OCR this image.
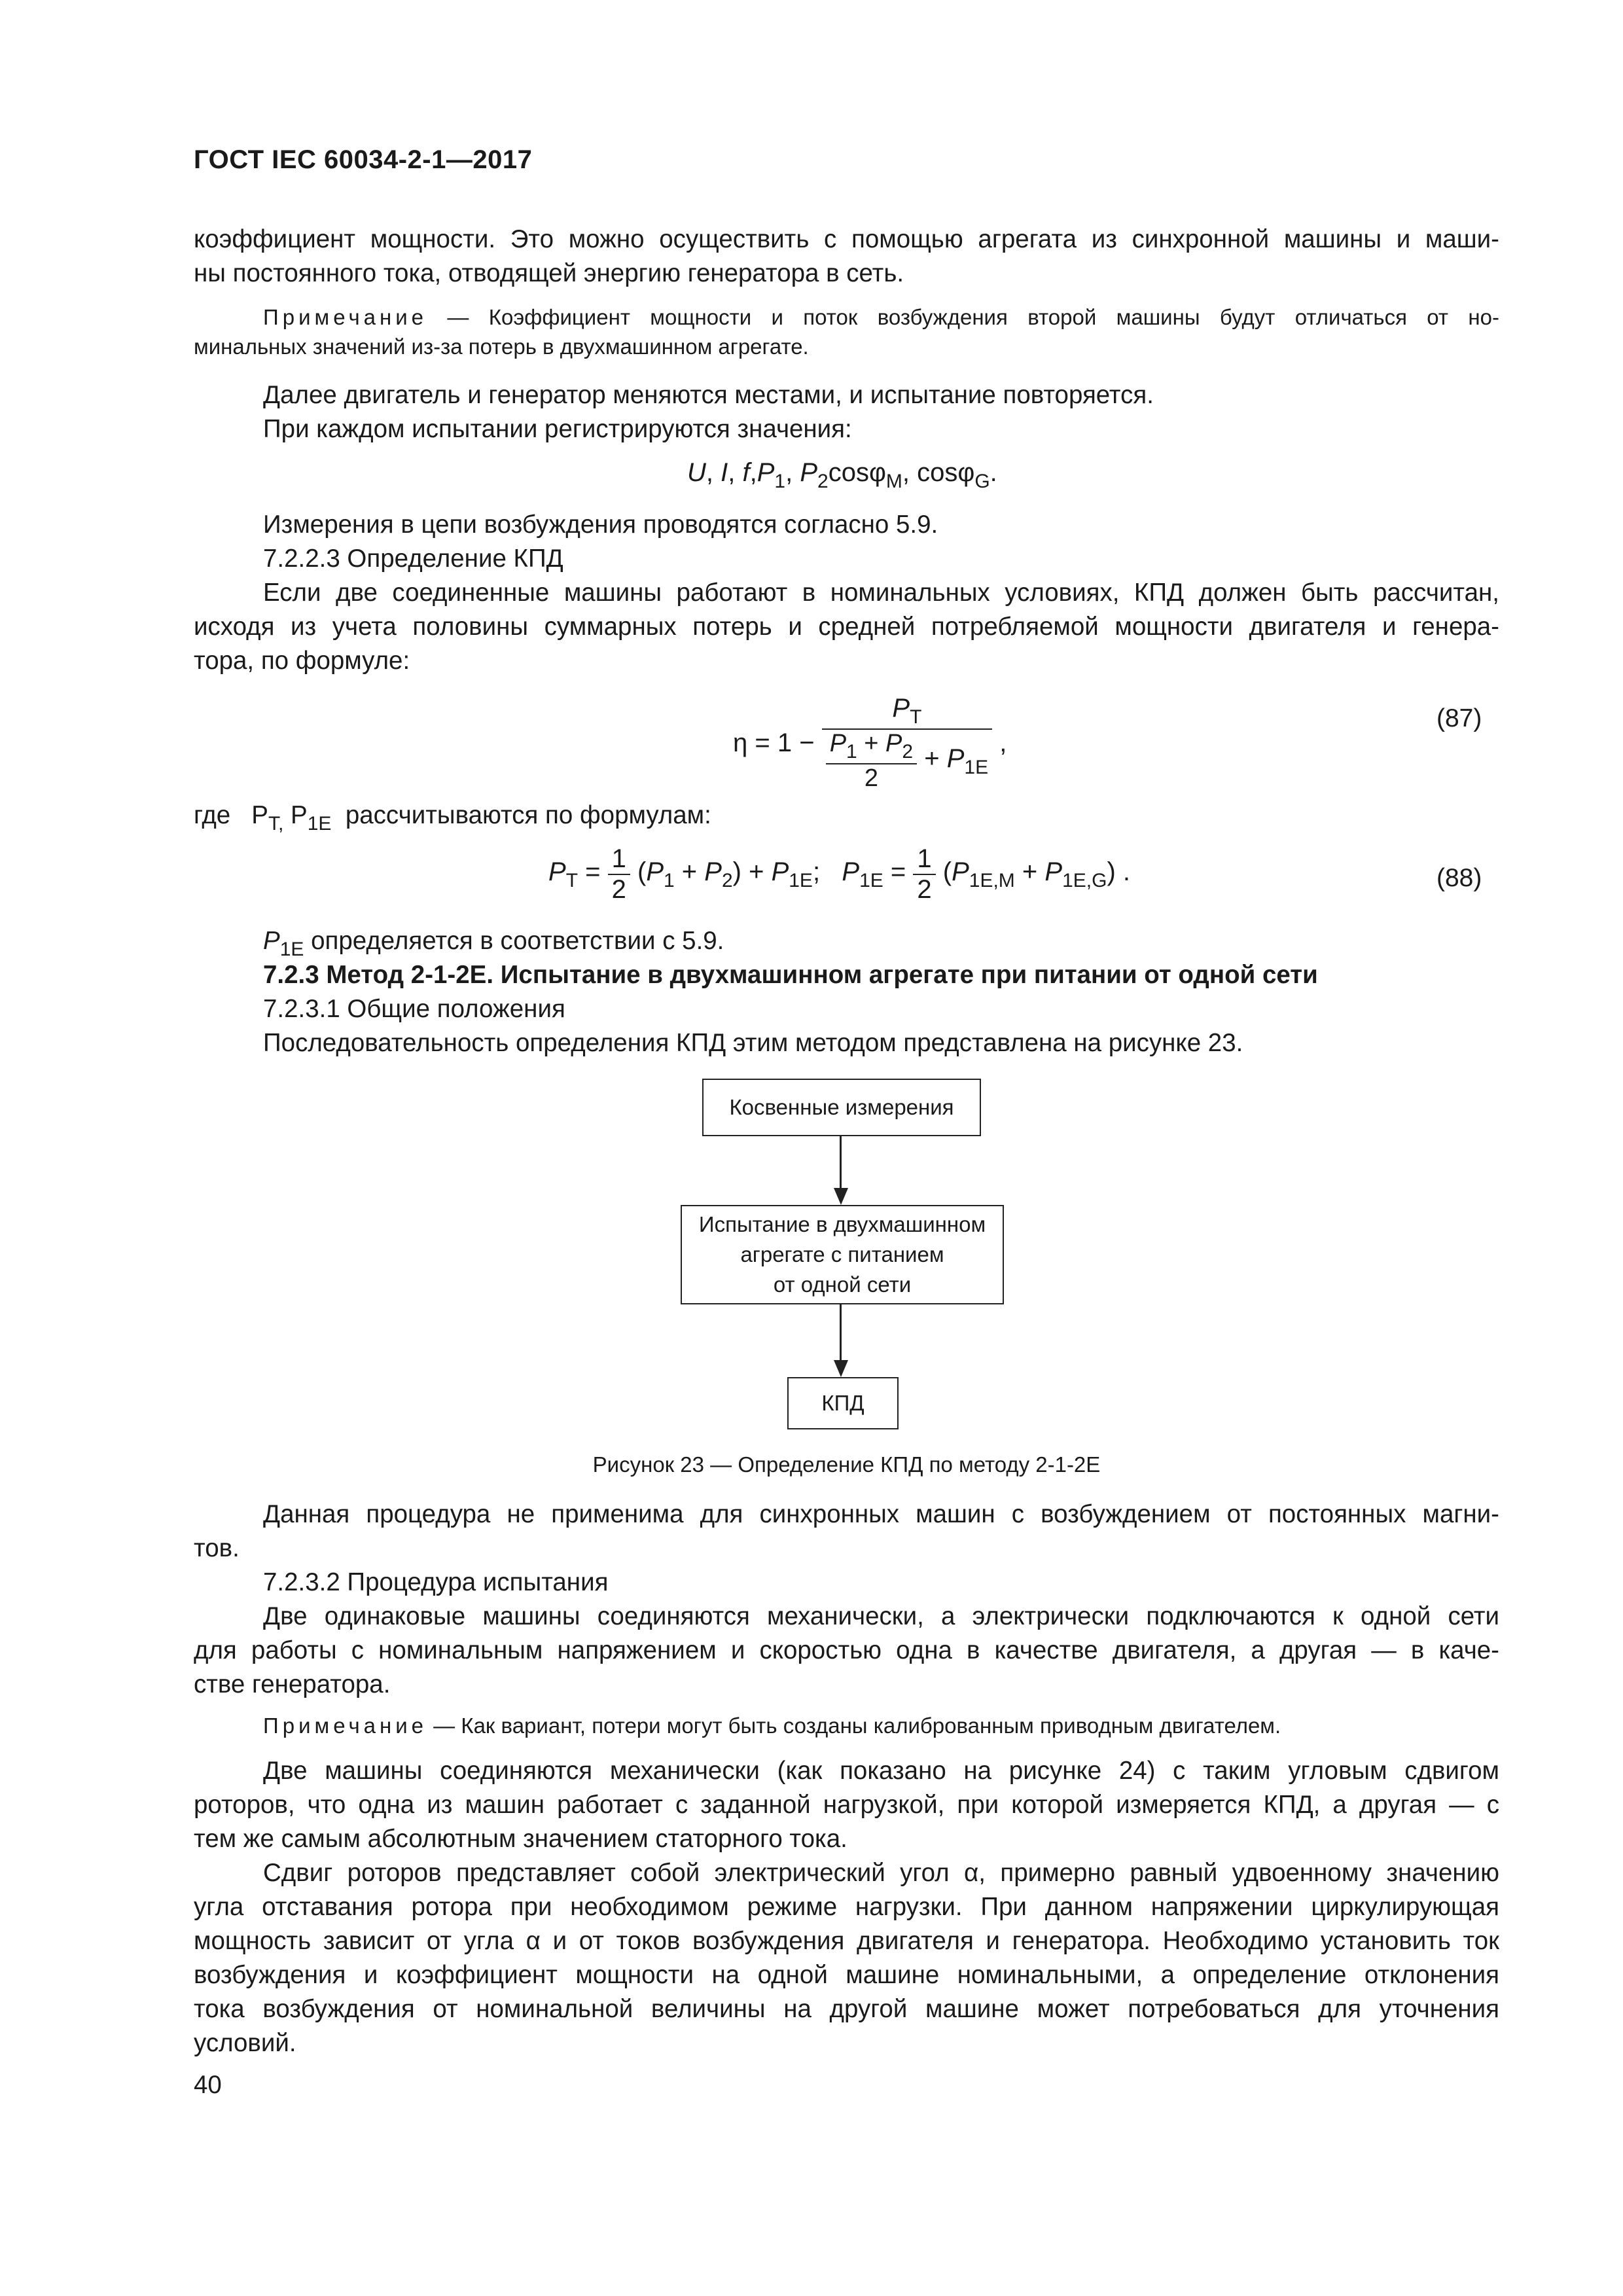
ГОСТ IEC 60034-2-1—2017
коэффициент мощности. Это можно осуществить с помощью агрегата из синхронной машины и маши-
ны постоянного тока, отводящей энергию генератора в сеть.
Примечание — Коэффициент мощности и поток возбуждения второй машины будут отличаться от но-
минальных значений из-за потерь в двухмашинном агрегате.
Далее двигатель и генератор меняются местами, и испытание повторяется.
При каждом испытании регистрируются значения:
U, I, $f,P_1$, $P_2\cos\varphi_M$, cosφ$_G$.
Измерения в цепи возбуждения проводятся согласно 5.9.
7.2.2.3 Определение КПД
Если две соединенные машины работают в номинальных условиях, КПД должен быть рассчитан,
исходя из учета половины суммарных потерь и средней потребляемой мощности двигателя и генера-
тора, по формуле:
$\eta = 1 - \frac{P_T}{\frac{P_1 + P_2}{2} + P_{1E}}$ ,
(87)
где   $P_{T,}$ $P_{1E}$ рассчитываются по формулам:
$P_T = \frac{1}{2} (P_1 + P_2) + P_{1E}$;   $P_{1E} = \frac{1}{2} (P_{1E,M} + P_{1E,G})$ .	(88)
$P_{1E}$ определяется в соответствии с 5.9.
7.2.3 Метод 2-1-2E. Испытание в двухмашинном агрегате при питании от одной сети
7.2.3.1 Общие положения
Последовательность определения КПД этим методом представлена на рисунке 23.
Косвенные измерения
Испытание в двухмашинном
агрегате с питанием
от одной сети
КПД
Рисунок 23 — Определение КПД по методу 2-1-2E
Данная процедура не применима для синхронных машин с возбуждением от постоянных магни-
тов.
7.2.3.2 Процедура испытания
Две одинаковые машины соединяются механически, а электрически подключаются к одной сети
для работы с номинальным напряжением и скоростью одна в качестве двигателя, а другая — в каче-
стве генератора.
Примечание — Как вариант, потери могут быть созданы калиброванным приводным двигателем.
Две машины соединяются механически (как показано на рисунке 24) с таким угловым сдвигом
роторов, что одна из машин работает с заданной нагрузкой, при которой измеряется КПД, а другая — с
тем же самым абсолютным значением статорного тока.
Сдвиг роторов представляет собой электрический угол α, примерно равный удвоенному значению
угла отставания ротора при необходимом режиме нагрузки. При данном напряжении циркулирующая
мощность зависит от угла α и от токов возбуждения двигателя и генератора. Необходимо установить ток
возбуждения и коэффициент мощности на одной машине номинальными, а определение отклонения
тока возбуждения от номинальной величины на другой машине может потребоваться для уточнения
условий.
40
